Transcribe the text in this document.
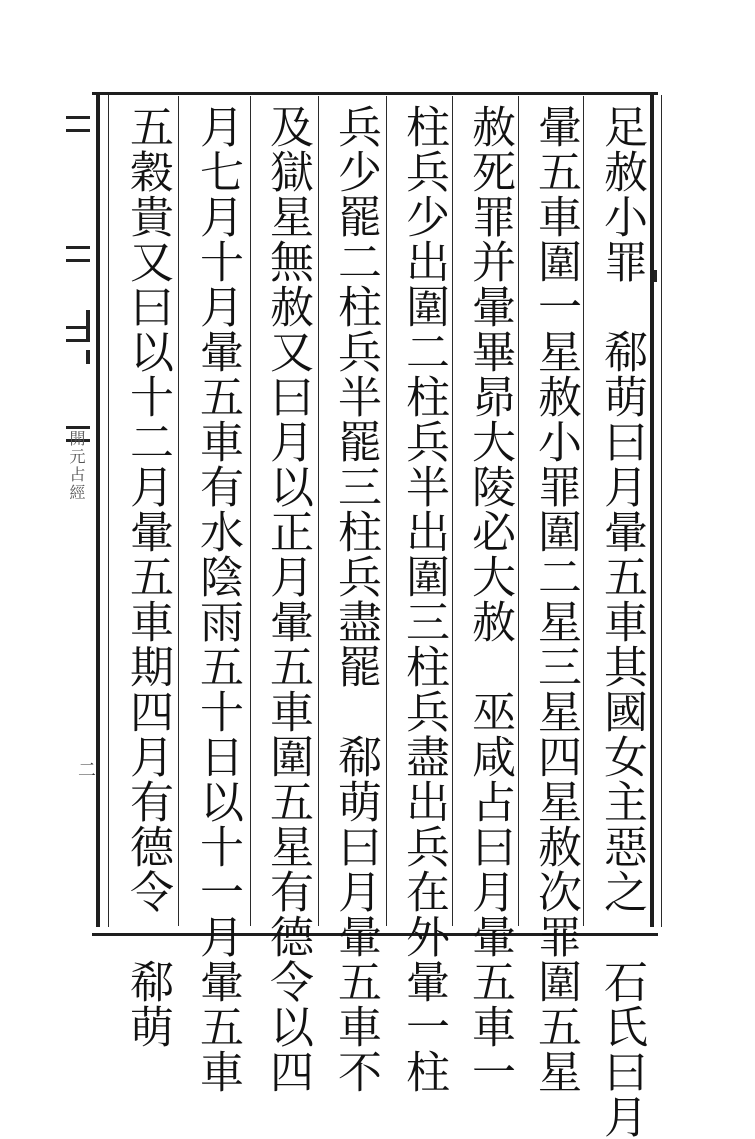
足赦小罪　郗萌曰月暈五車其國女主惡之　石氏曰月
暈五車圍一星赦小罪圍二星三星四星赦次罪圍五星
赦死罪并暈畢昴大陵必大赦　巫咸占曰月暈五車一
柱兵少出圍二柱兵半出圍三柱兵盡出兵在外暈一柱
兵少罷二柱兵半罷三柱兵盡罷　郗萌曰月暈五車不
及獄星無赦又曰月以正月暈五車圍五星有德令以四
月七月十月暈五車有水陰雨五十日以十一月暈五車
五穀貴又曰以十二月暈五車期四月有德令　郗萌
開元占經
二
